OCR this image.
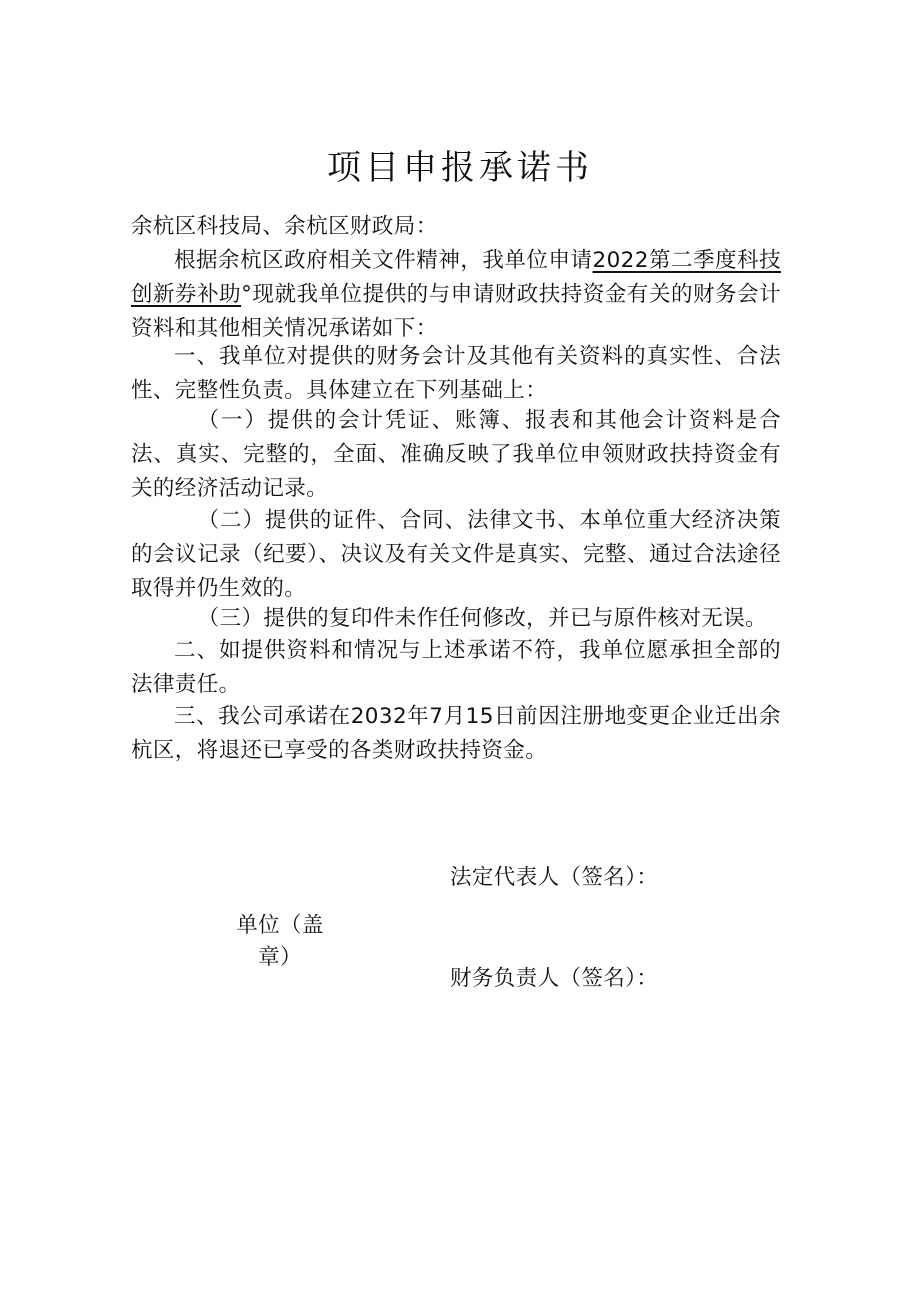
项目申报承诺书
余杭区科技局、余杭区财政局：
根据余杭区政府相关文件精神，我单位申请2022第二季度科技创新券补助°现就我单位提供的与申请财政扶持资金有关的财务会计资料和其他相关情况承诺如下：
一、我单位对提供的财务会计及其他有关资料的真实性、合法性、完整性负责。具体建立在下列基础上：
（一）提供的会计凭证、账簿、报表和其他会计资料是合法、真实、完整的，全面、准确反映了我单位申领财政扶持资金有关的经济活动记录。
（二）提供的证件、合同、法律文书、本单位重大经济决策的会议记录（纪要）、决议及有关文件是真实、完整、通过合法途径取得并仍生效的。
（三）提供的复印件未作任何修改，并已与原件核对无误。
二、如提供资料和情况与上述承诺不符，我单位愿承担全部的法律责任。
三、我公司承诺在2032年7月15日前因注册地变更企业迁出余杭区，将退还已享受的各类财政扶持资金。
法定代表人（签名）：
单位（盖章）
财务负责人（签名）：
